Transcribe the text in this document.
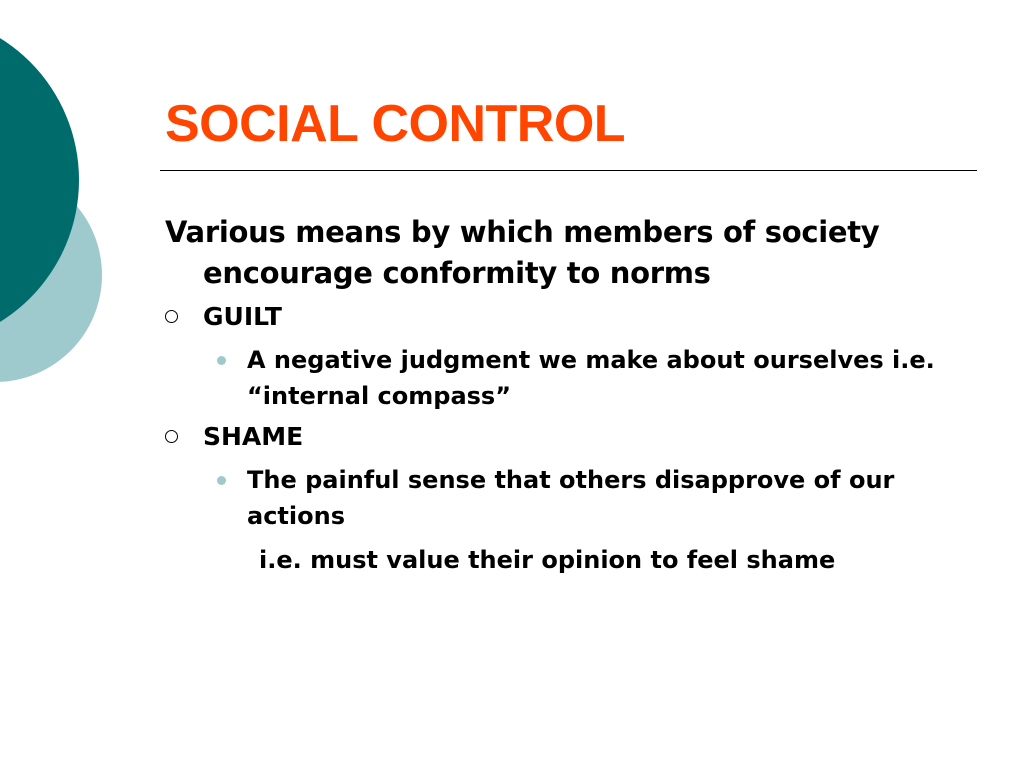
SOCIAL CONTROL
Various means by which members of society encourage conformity to norms
GUILT
A negative judgment we make about ourselves i.e. “internal compass”
SHAME
The painful sense that others disapprove of our actions
i.e. must value their opinion to feel shame
